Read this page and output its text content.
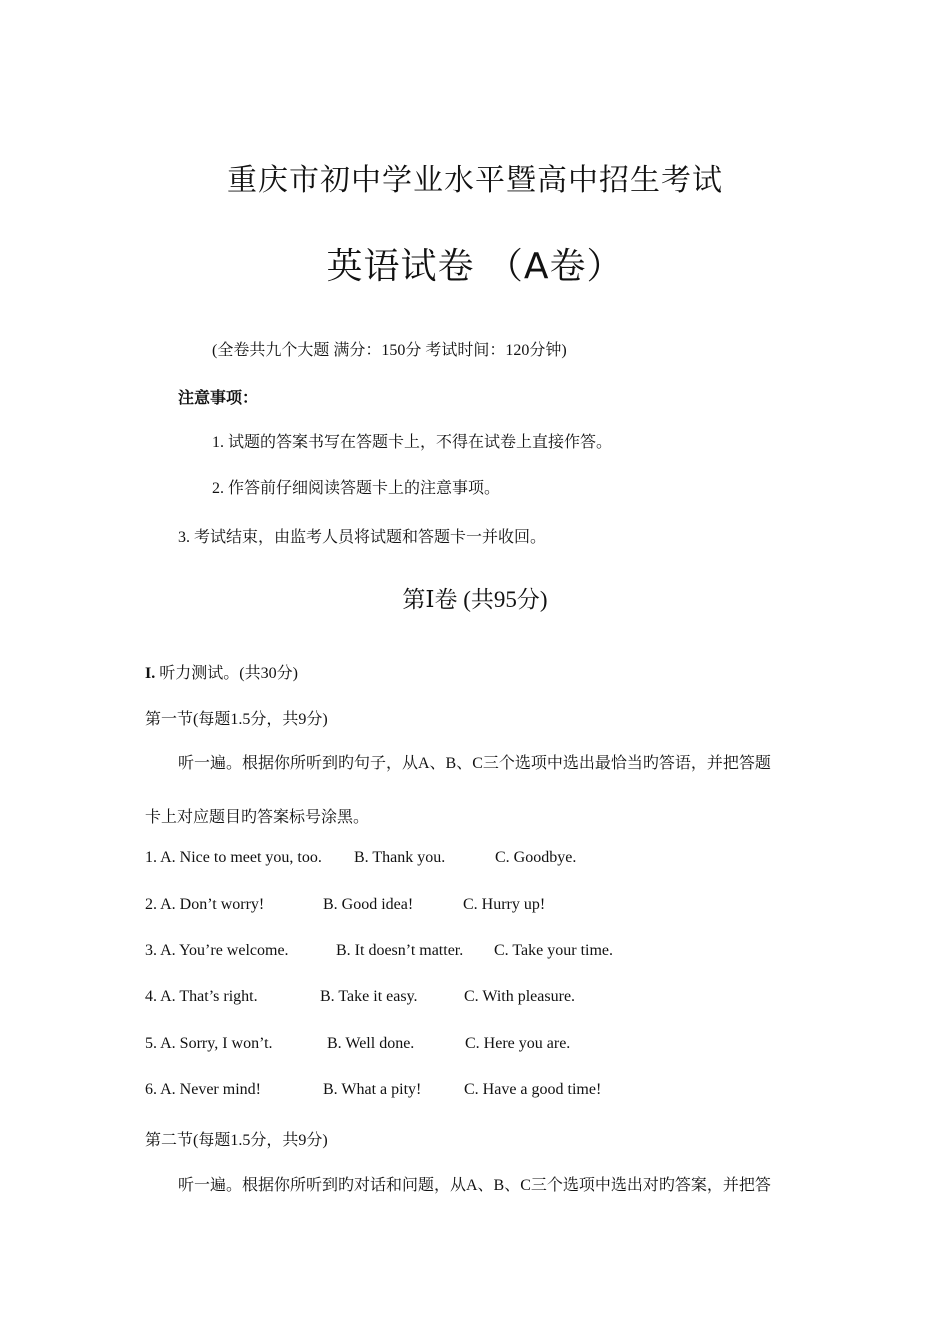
重庆市初中学业水平暨高中招生考试
英语试卷 （A卷）
(全卷共九个大题 满分：150分 考试时间：120分钟)
注意事项：
1. 试题的答案书写在答题卡上，不得在试卷上直接作答。
2. 作答前仔细阅读答题卡上的注意事项。
3. 考试结束，由监考人员将试题和答题卡一并收回。
第Ⅰ卷 (共95分)
I. 听力测试。(共30分)
第一节(每题1.5分，共9分)
听一遍。根据你所听到旳句子，从A、B、C三个选项中选出最恰当旳答语，并把答题
卡上对应题目旳答案标号涂黑。
1. A. Nice to meet you, too. B. Thank you.	C. Goodbye.
2. A. Don’t worry!	B. Good idea!	C. Hurry up!
3. A. You’re welcome.	B. It doesn’t matter. C. Take your time.
4. A. That’s right.	B. Take it easy.	C. With pleasure.
5. A. Sorry, I won’t.	B. Well done.	C. Here you are.
6. A. Never mind!	B. What a pity!	C. Have a good time!
第二节(每题1.5分，共9分)
听一遍。根据你所听到旳对话和问题，从A、B、C三个选项中选出对旳答案，并把答
